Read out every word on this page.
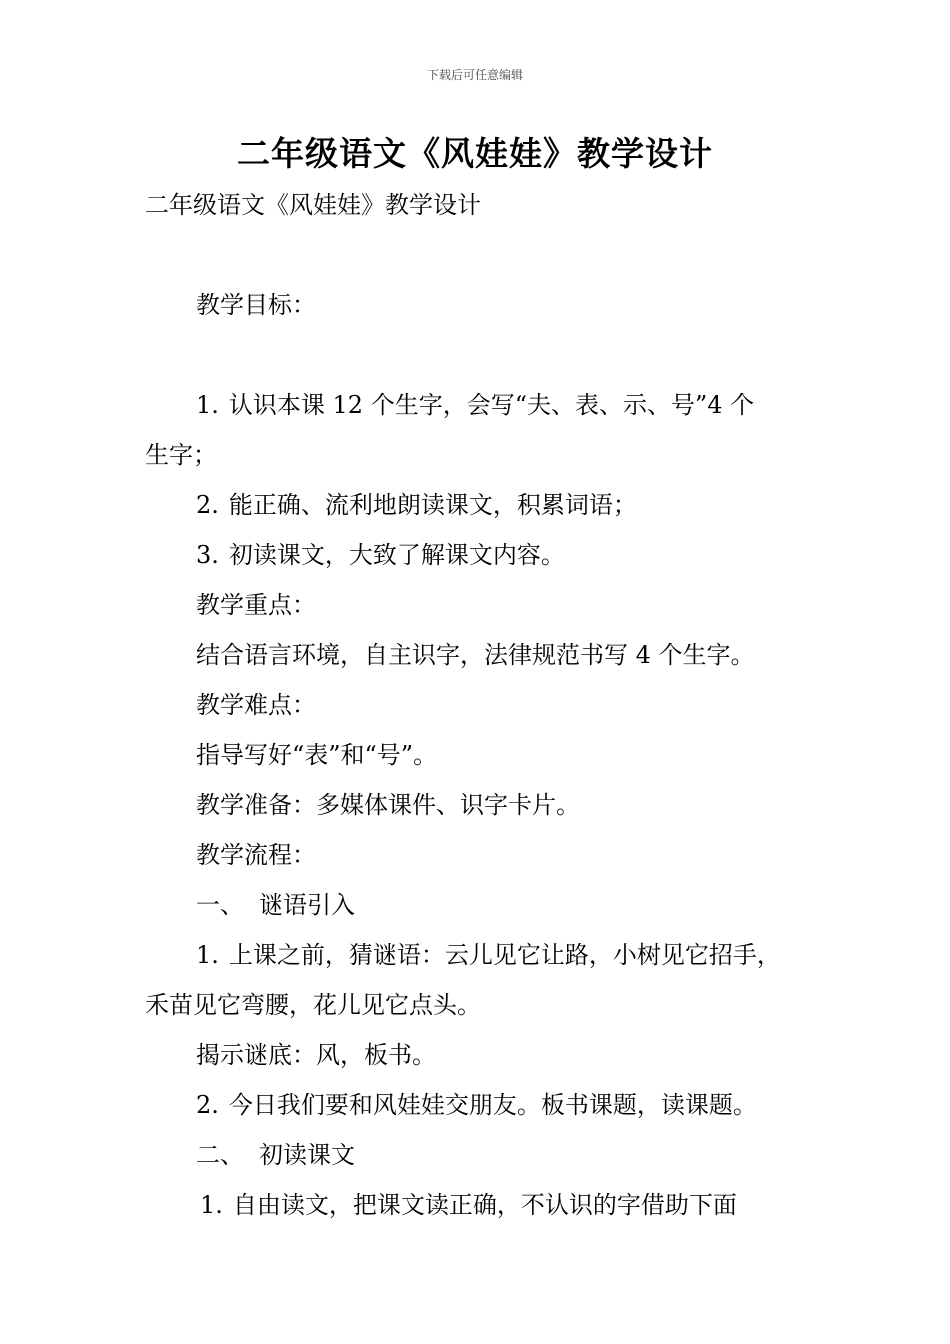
下载后可任意编辑
二年级语文《风娃娃》教学设计

二年级语文《风娃娃》教学设计

教学目标：

1. 认识本课 12 个生字，会写“夫、表、示、号”4 个

生字；

2. 能正确、流利地朗读课文，积累词语；

3. 初读课文，大致了解课文内容。

教学重点：

结合语言环境，自主识字，法律规范书写 4 个生字。

教学难点：

指导写好“表”和“号”。

教学准备：多媒体课件、识字卡片。

教学流程：

一、 谜语引入

1. 上课之前，猜谜语：云儿见它让路，小树见它招手，

禾苗见它弯腰，花儿见它点头。

揭示谜底：风，板书。

2. 今日我们要和风娃娃交朋友。板书课题，读课题。

二、 初读课文

1. 自由读文，把课文读正确，不认识的字借助下面
